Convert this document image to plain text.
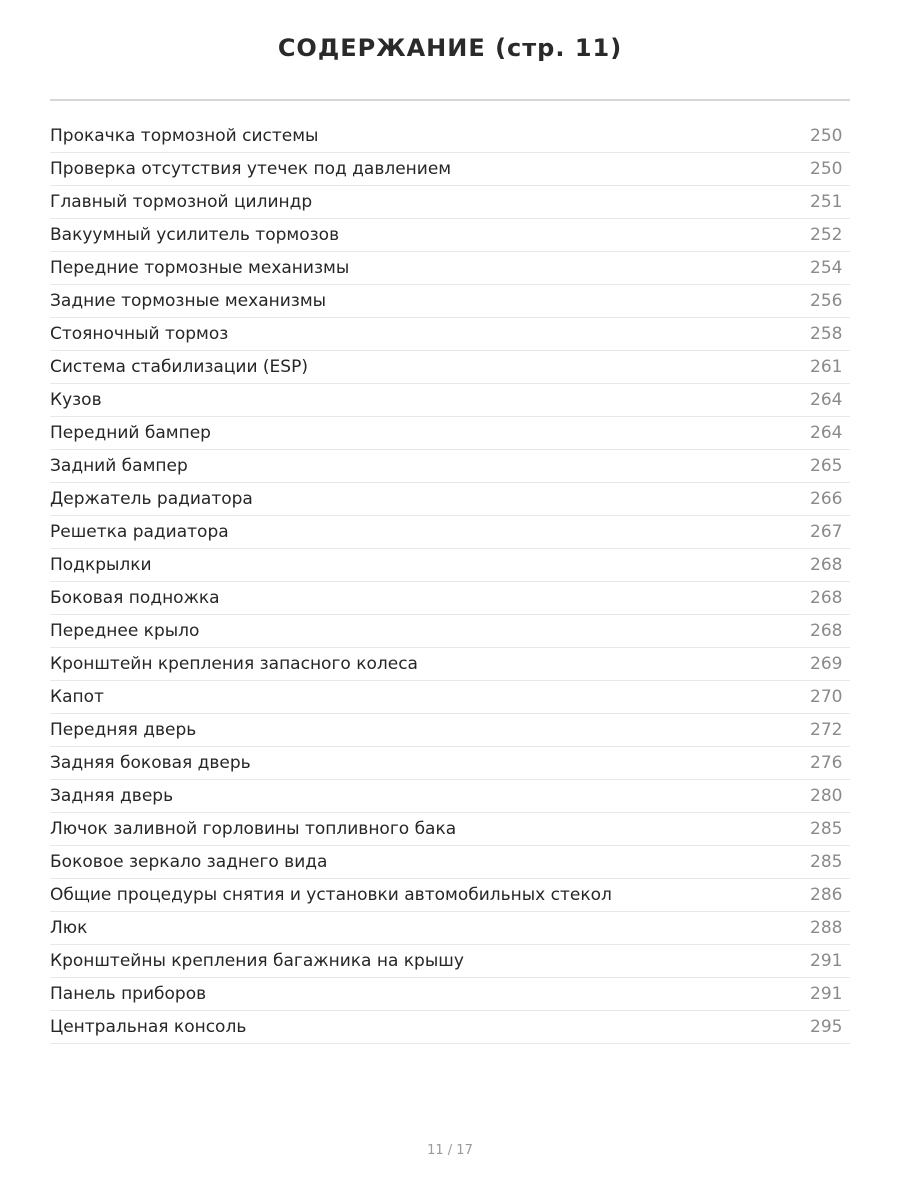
СОДЕРЖАНИЕ (стр. 11)
Прокачка тормозной системы	250
Проверка отсутствия утечек под давлением	250
Главный тормозной цилиндр	251
Вакуумный усилитель тормозов	252
Передние тормозные механизмы	254
Задние тормозные механизмы	256
Стояночный тормоз	258
Система стабилизации (ESP)	261
Кузов	264
Передний бампер	264
Задний бампер	265
Держатель радиатора	266
Решетка радиатора	267
Подкрылки	268
Боковая подножка	268
Переднее крыло	268
Кронштейн крепления запасного колеса	269
Капот	270
Передняя дверь	272
Задняя боковая дверь	276
Задняя дверь	280
Лючок заливной горловины топливного бака	285
Боковое зеркало заднего вида	285
Общие процедуры снятия и установки автомобильных стекол	286
Люк	288
Кронштейны крепления багажника на крышу	291
Панель приборов	291
Центральная консоль	295
11 / 17
